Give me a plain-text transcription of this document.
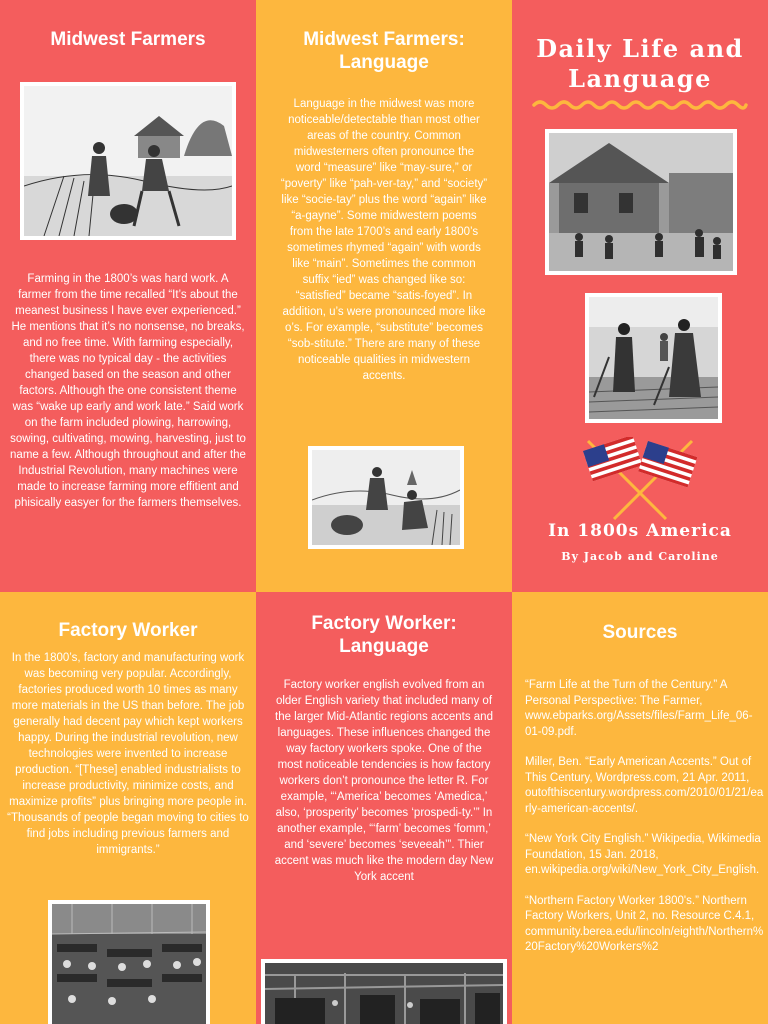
Midwest Farmers

Farming in the 1800’s was hard work. A farmer from the time recalled “It’s about the meanest business I have ever experienced.” He mentions that it’s no nonsense, no breaks, and no free time. With farming especially, there was no typical day - the activities changed based on the season and other factors. Although the one consistent theme was “wake up early and work late.” Said work on the farm included plowing, harrowing, sowing, cultivating, mowing, harvesting, just to name a few. Although throughout and after the Industrial Revolution, many machines were made to increase farming more effitient and phisically easyer for the farmers themselves.

Midwest Farmers:
Language

Language in the midwest was more noticeable/detectable than most other areas of the country. Common midwesterners often pronounce the word “measure” like “may-sure,” or “poverty” like “pah-ver-tay,” and “society” like “socie-tay” plus the word “again” like “a-gayne”. Some midwestern poems from the late 1700’s and early 1800’s sometimes rhymed “again” with words like “main”. Sometimes the common suffix “ied” was changed like so: “satisfied” became “satis-foyed”. In addition, u’s were pronounced more like o’s. For example, “substitute” becomes “sob-stitute.” There are many of these noticeable qualities in midwestern accents.

Daily Life and
Language
In 1800s America

By Jacob and Caroline

Factory Worker

In the 1800’s, factory and manufacturing work was becoming very popular. Accordingly, factories produced worth 10 times as many more materials in the US than before. The job generally had decent pay which kept workers happy. During the industrial revolution, new technologies were invented to increase production. “[These] enabled industrialists to increase productivity, minimize costs, and maximize profits” plus bringing more people in. “Thousands of people began moving to cities to find jobs including previous farmers and immigrants.”

Factory Worker:
Language

Factory worker english evolved from an older English variety that included many of the larger Mid-Atlantic regions accents and languages. These influences changed the way factory workers spoke. One of the most noticeable tendencies is how factory workers don’t pronounce the letter R. For example, “‘America’ becomes ‘Amedica,’ also, ‘prosperity’ becomes ‘prospedi-ty.’” In another example, “‘farm’ becomes ‘fomm,’ and ‘severe’ becomes ‘seveeah’”. Thier accent was much like the modern day New York accent

Sources

“Farm Life at the Turn of the Century.” A Personal Perspective: The Farmer, www.ebparks.org/Assets/files/Farm_Life_06-01-09.pdf.

Miller, Ben. “Early American Accents.” Out of This Century, Wordpress.com, 21 Apr. 2011, outofthiscentury.wordpress.com/2010/01/21/early-american-accents/.

“New York City English.” Wikipedia, Wikimedia Foundation, 15 Jan. 2018, en.wikipedia.org/wiki/New_York_City_English.

“Northern Factory Worker 1800's.” Northern Factory Workers, Unit 2, no. Resource C.4.1, community.berea.edu/lincoln/eighth/Northern%20Factory%20Workers%2
